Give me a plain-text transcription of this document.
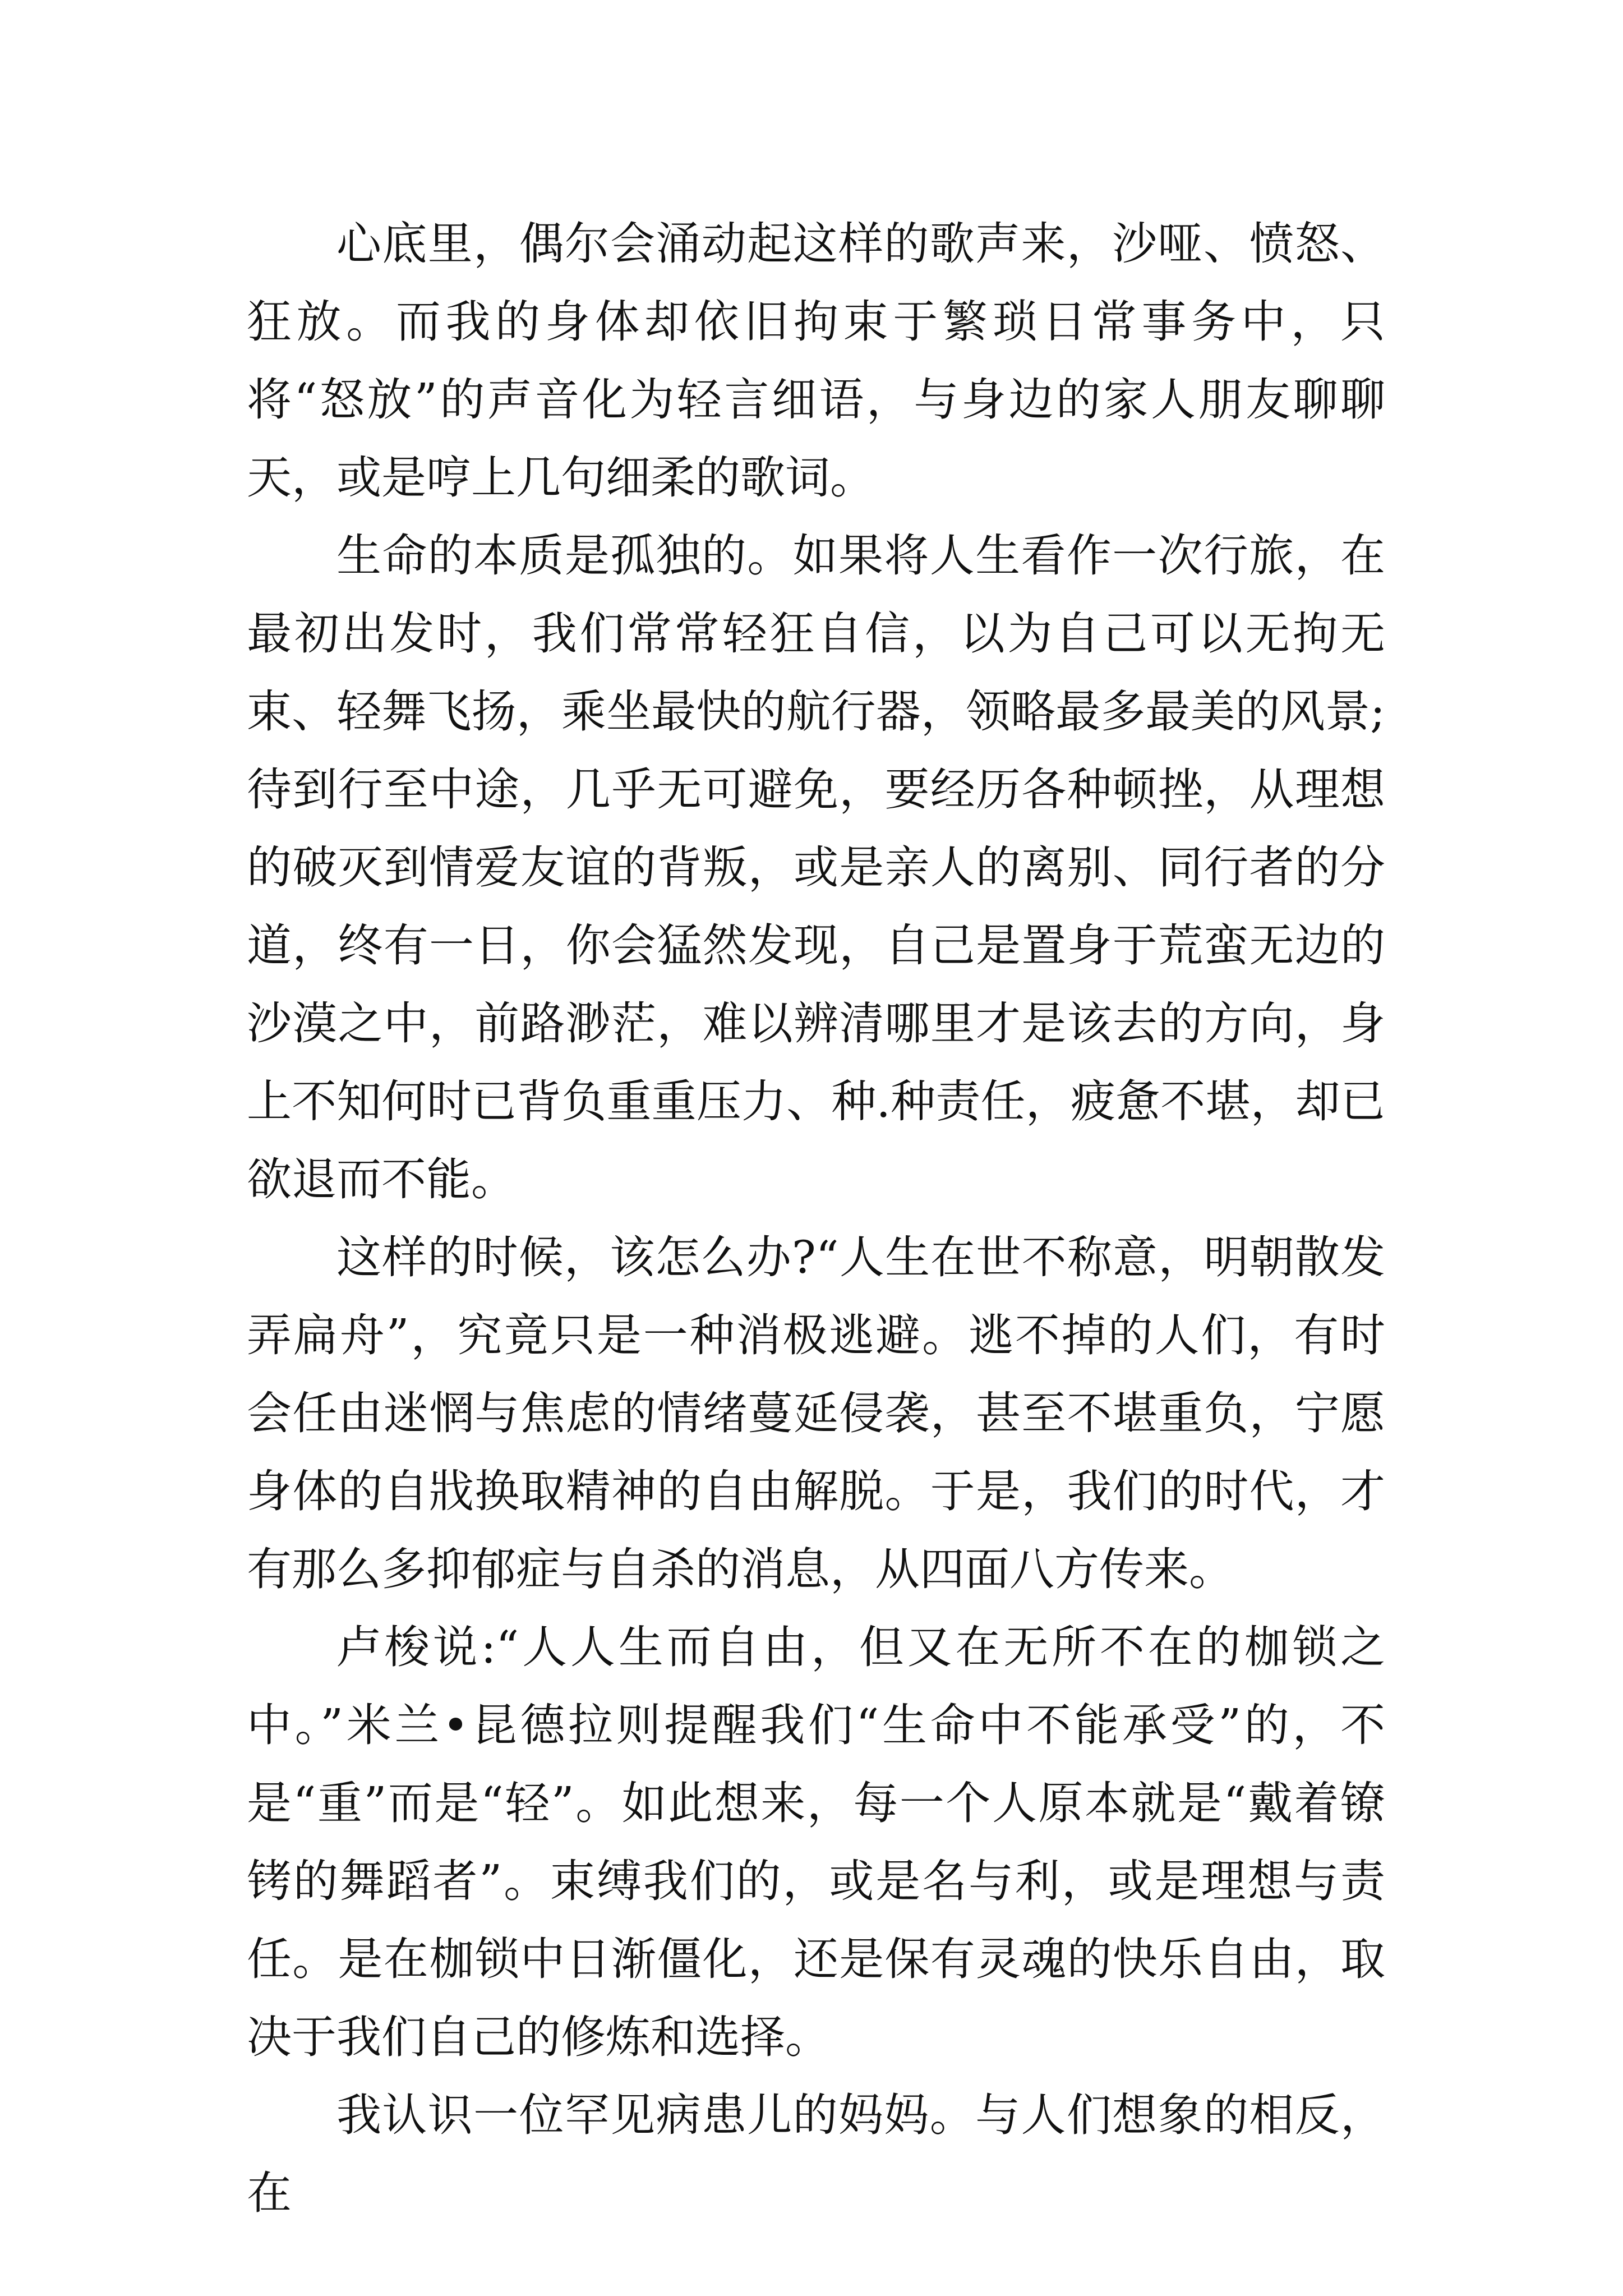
心底里，偶尔会涌动起这样的歌声来，沙哑、愤怒、狂放。而我的身体却依旧拘束于繁琐日常事务中，只将“怒放”的声音化为轻言细语，与身边的家人朋友聊聊天，或是哼上几句细柔的歌词。

生命的本质是孤独的。如果将人生看作一次行旅，在最初出发时，我们常常轻狂自信，以为自己可以无拘无束、轻舞飞扬，乘坐最快的航行器，领略最多最美的风景;待到行至中途，几乎无可避免，要经历各种顿挫，从理想的破灭到情爱友谊的背叛，或是亲人的离别、同行者的分道，终有一日，你会猛然发现，自己是置身于荒蛮无边的沙漠之中，前路渺茫，难以辨清哪里才是该去的方向，身上不知何时已背负重重压力、种.种责任，疲惫不堪，却已欲退而不能。

这样的时候，该怎么办?“人生在世不称意，明朝散发弄扁舟”，究竟只是一种消极逃避。逃不掉的人们，有时会任由迷惘与焦虑的情绪蔓延侵袭，甚至不堪重负，宁愿身体的自戕换取精神的自由解脱。于是，我们的时代，才有那么多抑郁症与自杀的消息，从四面八方传来。

卢梭说:“人人生而自由，但又在无所不在的枷锁之中。”米兰•昆德拉则提醒我们“生命中不能承受”的，不是“重”而是“轻”。如此想来，每一个人原本就是“戴着镣铐的舞蹈者”。束缚我们的，或是名与利，或是理想与责任。是在枷锁中日渐僵化，还是保有灵魂的快乐自由，取决于我们自己的修炼和选择。

我认识一位罕见病患儿的妈妈。与人们想象的相反，在
